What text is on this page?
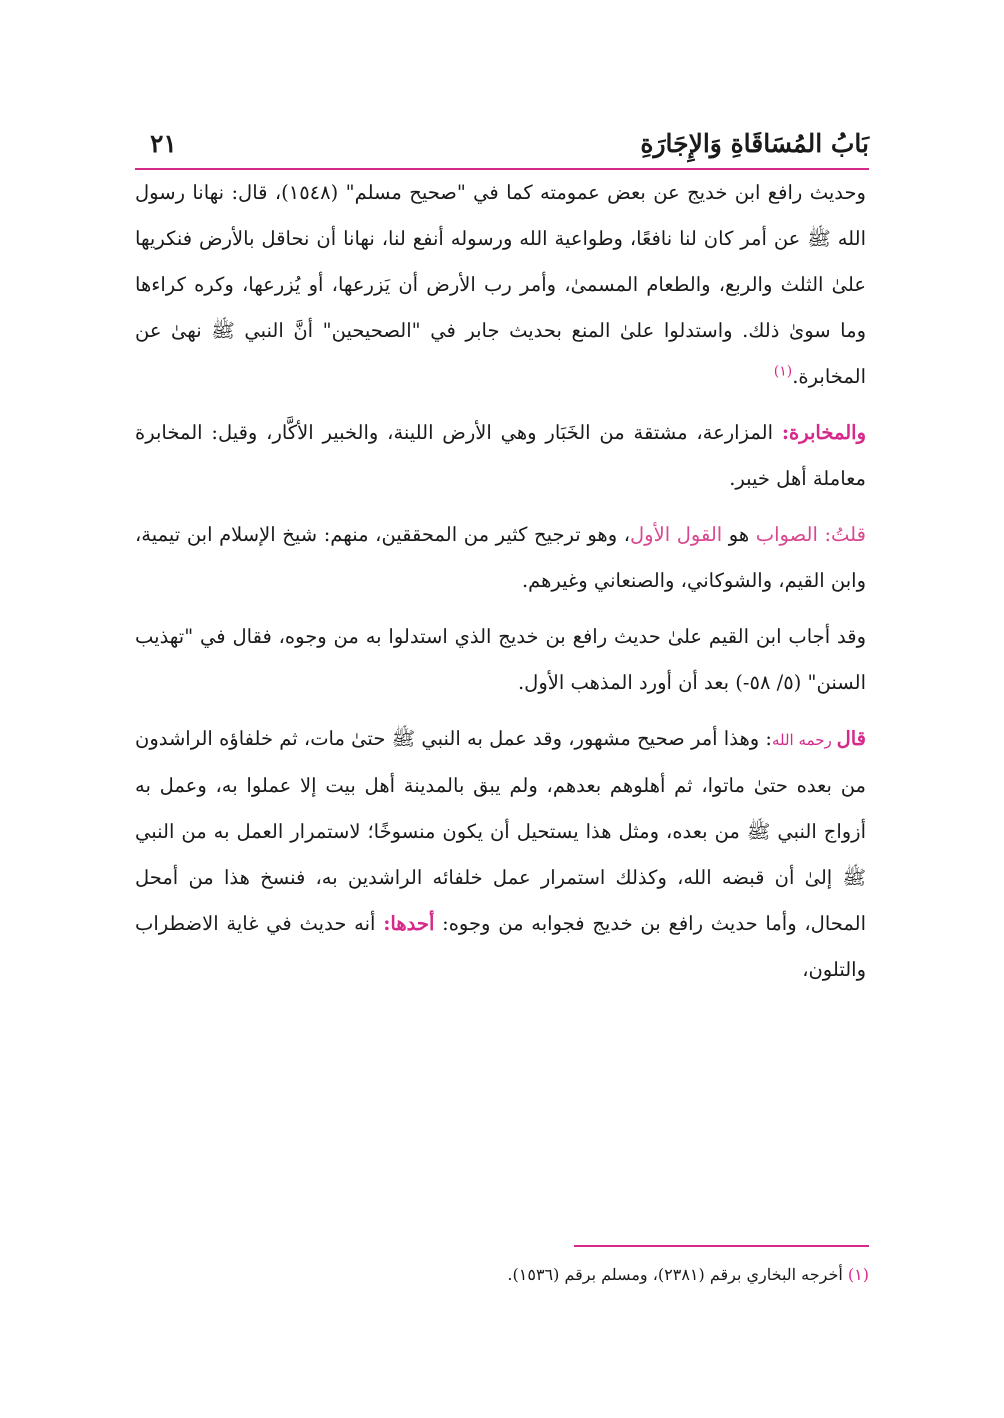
بَابُ المُسَاقَاةِ وَالإِجَارَةِ
٢١

وحديث رافع ابن خديج عن بعض عمومته كما في "صحيح مسلم" (١٥٤٨)، قال: نهانا رسول الله ﷺ عن أمر كان لنا نافعًا، وطواعية الله ورسوله أنفع لنا، نهانا أن نحاقل بالأرض فنكريها علىٰ الثلث والربع، والطعام المسمىٰ، وأمر رب الأرض أن يَزرعها، أو يُزرعها، وكره كراءها وما سوىٰ ذلك. واستدلوا علىٰ المنع بحديث جابر في "الصحيحين" أنَّ النبي ﷺ نهىٰ عن المخابرة.$^{(١)}$

والمخابرة: المزارعة، مشتقة من الخَبَار وهي الأرض اللينة، والخبير الأكَّار، وقيل: المخابرة معاملة أهل خيبر.

قلتُ: الصواب هو القول الأول، وهو ترجيح كثير من المحققين، منهم: شيخ الإسلام ابن تيمية، وابن القيم، والشوكاني، والصنعاني وغيرهم.

وقد أجاب ابن القيم علىٰ حديث رافع بن خديج الذي استدلوا به من وجوه، فقال في "تهذيب السنن" (٥/ ٥٨-) بعد أن أورد المذهب الأول.

قال رحمه الله: وهذا أمر صحيح مشهور، وقد عمل به النبي ﷺ حتىٰ مات، ثم خلفاؤه الراشدون من بعده حتىٰ ماتوا، ثم أهلوهم بعدهم، ولم يبق بالمدينة أهل بيت إلا عملوا به، وعمل به أزواج النبي ﷺ من بعده، ومثل هذا يستحيل أن يكون منسوخًا؛ لاستمرار العمل به من النبي ﷺ إلىٰ أن قبضه الله، وكذلك استمرار عمل خلفائه الراشدين به، فنسخ هذا من أمحل المحال، وأما حديث رافع بن خديج فجوابه من وجوه: أحدها: أنه حديث في غاية الاضطراب والتلون،

(١) أخرجه البخاري برقم (٢٣٨١)، ومسلم برقم (١٥٣٦).
